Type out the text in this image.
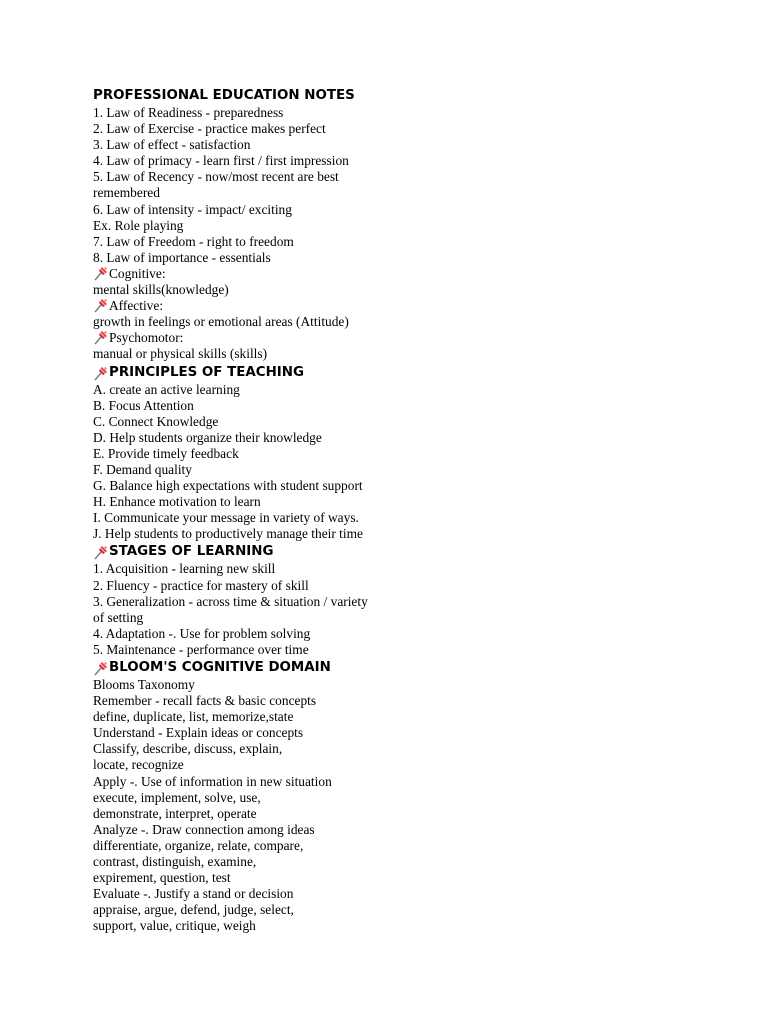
PROFESSIONAL EDUCATION NOTES
1. Law of Readiness - preparedness
2. Law of Exercise - practice makes perfect
3. Law of effect - satisfaction
4. Law of primacy - learn first / first impression
5. Law of Recency - now/most recent are best
remembered
6. Law of intensity - impact/ exciting
Ex. Role playing
7. Law of Freedom - right to freedom
8. Law of importance - essentials
Cognitive:
mental skills(knowledge)
Affective:
growth in feelings or emotional areas (Attitude)
Psychomotor:
manual or physical skills (skills)
PRINCIPLES OF TEACHING
A. create an active learning
B. Focus Attention
C. Connect Knowledge
D. Help students organize their knowledge
E. Provide timely feedback
F. Demand quality
G. Balance high expectations with student support
H. Enhance motivation to learn
I. Communicate your message in variety of ways.
J. Help students to productively manage their time
STAGES OF LEARNING
1. Acquisition - learning new skill
2. Fluency - practice for mastery of skill
3. Generalization - across time & situation / variety
of setting
4. Adaptation -. Use for problem solving
5. Maintenance - performance over time
BLOOM'S COGNITIVE DOMAIN
Blooms Taxonomy
Remember - recall facts & basic concepts
define, duplicate, list, memorize,state
Understand - Explain ideas or concepts
Classify, describe, discuss, explain,
locate, recognize
Apply -. Use of information in new situation
execute, implement, solve, use,
demonstrate, interpret, operate
Analyze -. Draw connection among ideas
differentiate, organize, relate, compare,
contrast, distinguish, examine,
expirement, question, test
Evaluate -. Justify a stand or decision
appraise, argue, defend, judge, select,
support, value, critique, weigh
